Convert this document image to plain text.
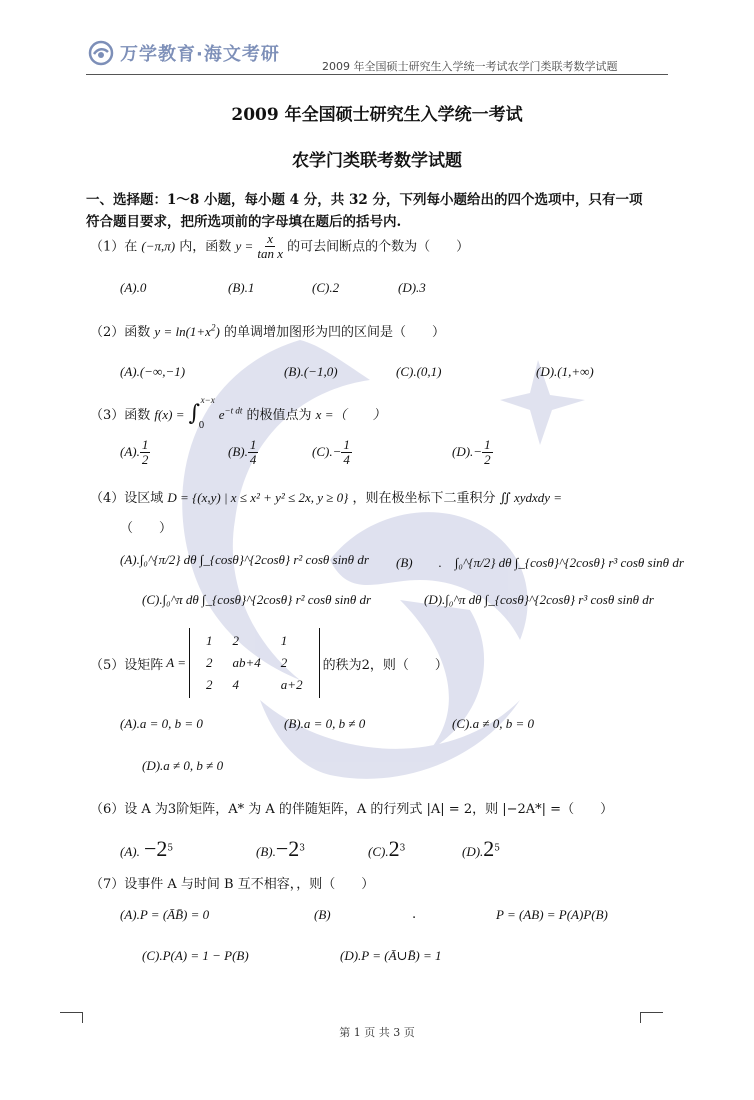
万学教育·海文考研
2009 年全国硕士研究生入学统一考试农学门类联考数学试题
2009 年全国硕士研究生入学统一考试
农学门类联考数学试题
一、选择题：1～8 小题，每小题 4 分，共 32 分，下列每小题给出的四个选项中，只有一项
符合题目要求，把所选项前的字母填在题后的括号内.
（1）在 (−π,π) 内，函数 $y = \frac{x}{\text{tan x}}$ 的可去间断点的个数为（　　）
(A).0	(B).1	(C).2	(D).3
（2）函数 $y = \ln(1+x^2)$ 的单调增加图形为凹的区间是（　　）
(A).(−∞,−1)	(B).(−1,0)	(C).(0,1)	(D).(1,+∞)
（3）函数 f(x) = ∫
x−x
0
$e^{-t dt}$ 的极值点为 x =（　　）
(A). $\frac{1}{2}$	(B). $\frac{1}{4}$	$(C).- \frac{1}{4}$	$(D).- \frac{1}{2}$
（4）设区域 D = {(x,y) | x ≤ x² + y² ≤ 2x, y ≥ 0} ，则在极坐标下二重积分 ∬ xydxdy =
（　　）
(A).∫₀^{π/2} dθ ∫_{cosθ}^{2cosθ} r² cosθ sinθ dr (B)　　.　∫₀^{π/2} dθ ∫_{cosθ}^{2cosθ} r³ cosθ sinθ dr
(C).∫₀^π dθ ∫_{cosθ}^{2cosθ} r² cosθ sinθ dr	(D).∫₀^π dθ ∫_{cosθ}^{2cosθ} r³ cosθ sinθ dr
（5）设矩阵 A =
1	2	1
2	ab+4	2
2	4	a+2
的秩为2，则（　　）
(A).a = 0, b = 0	(B).a = 0, b ≠ 0	(C).a ≠ 0, b = 0
(D).a ≠ 0, b ≠ 0
（6）设 A 为3阶矩阵，A* 为 A 的伴随矩阵，A 的行列式 |A| = 2，则 |−2A*| =（　　）
(A). $-2^5$	$(B).-2^3$	$(C).2^3$	$(D).2^5$
（7）设事件 A 与时间 B 互不相容，，则（　　）
(A).P = (ĀB̄) = 0	(B)	.	P = (AB) = P(A)P(B)
(C).P(A) = 1 − P(B)	(D).P = (Ā∪B̄) = 1
第 1 页 共 3 页
